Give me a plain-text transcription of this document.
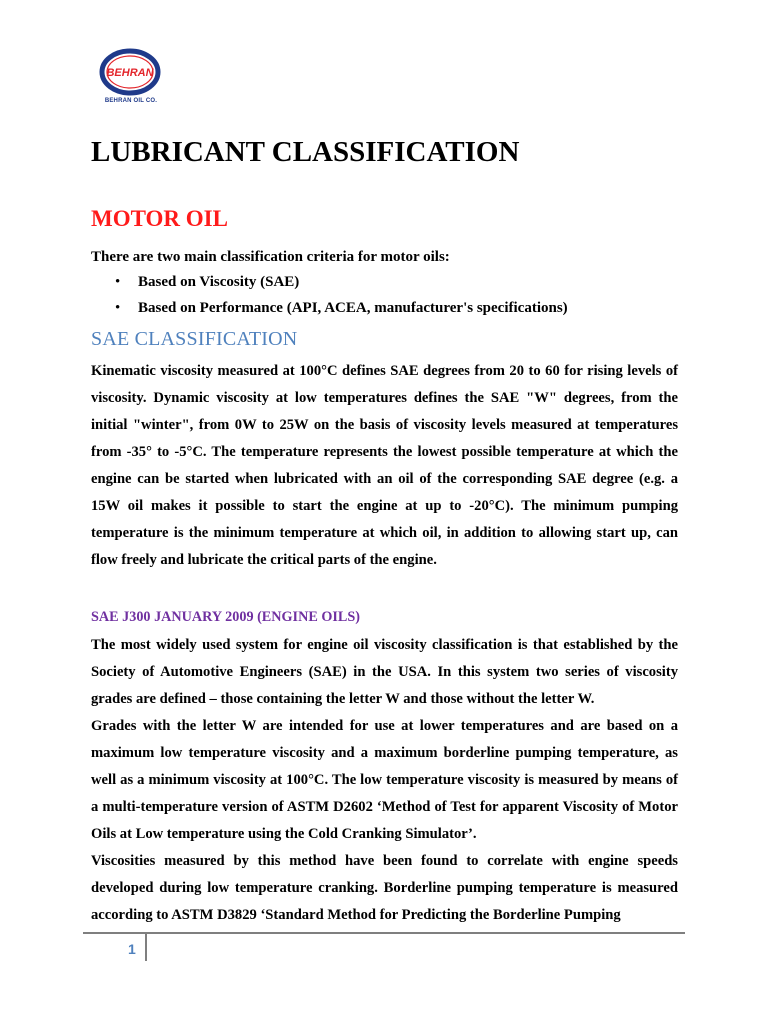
BEHRAN
BEHRAN OIL CO.
LUBRICANT CLASSIFICATION
MOTOR OIL

There are two main classification criteria for motor oils:

• Based on Viscosity (SAE)
• Based on Performance (API, ACEA, manufacturer's specifications)
SAE CLASSIFICATION

Kinematic viscosity measured at 100°C defines SAE degrees from 20 to 60 for rising levels of viscosity. Dynamic viscosity at low temperatures defines the SAE "W" degrees, from the initial "winter", from 0W to 25W on the basis of viscosity levels measured at temperatures from -35° to -5°C. The temperature represents the lowest possible temperature at which the engine can be started when lubricated with an oil of the corresponding SAE degree (e.g. a 15W oil makes it possible to start the engine at up to -20°C). The minimum pumping temperature is the minimum temperature at which oil, in addition to allowing start up, can flow freely and lubricate the critical parts of the engine.

SAE J300 JANUARY 2009 (ENGINE OILS)

The most widely used system for engine oil viscosity classification is that established by the Society of Automotive Engineers (SAE) in the USA. In this system two series of viscosity grades are defined – those containing the letter W and those without the letter W.

Grades with the letter W are intended for use at lower temperatures and are based on a maximum low temperature viscosity and a maximum borderline pumping temperature, as well as a minimum viscosity at 100°C. The low temperature viscosity is measured by means of a multi-temperature version of ASTM D2602 ‘Method of Test for apparent Viscosity of Motor Oils at Low temperature using the Cold Cranking Simulator’.

Viscosities measured by this method have been found to correlate with engine speeds developed during low temperature cranking. Borderline pumping temperature is measured according to ASTM D3829 ‘Standard Method for Predicting the Borderline Pumping

1
